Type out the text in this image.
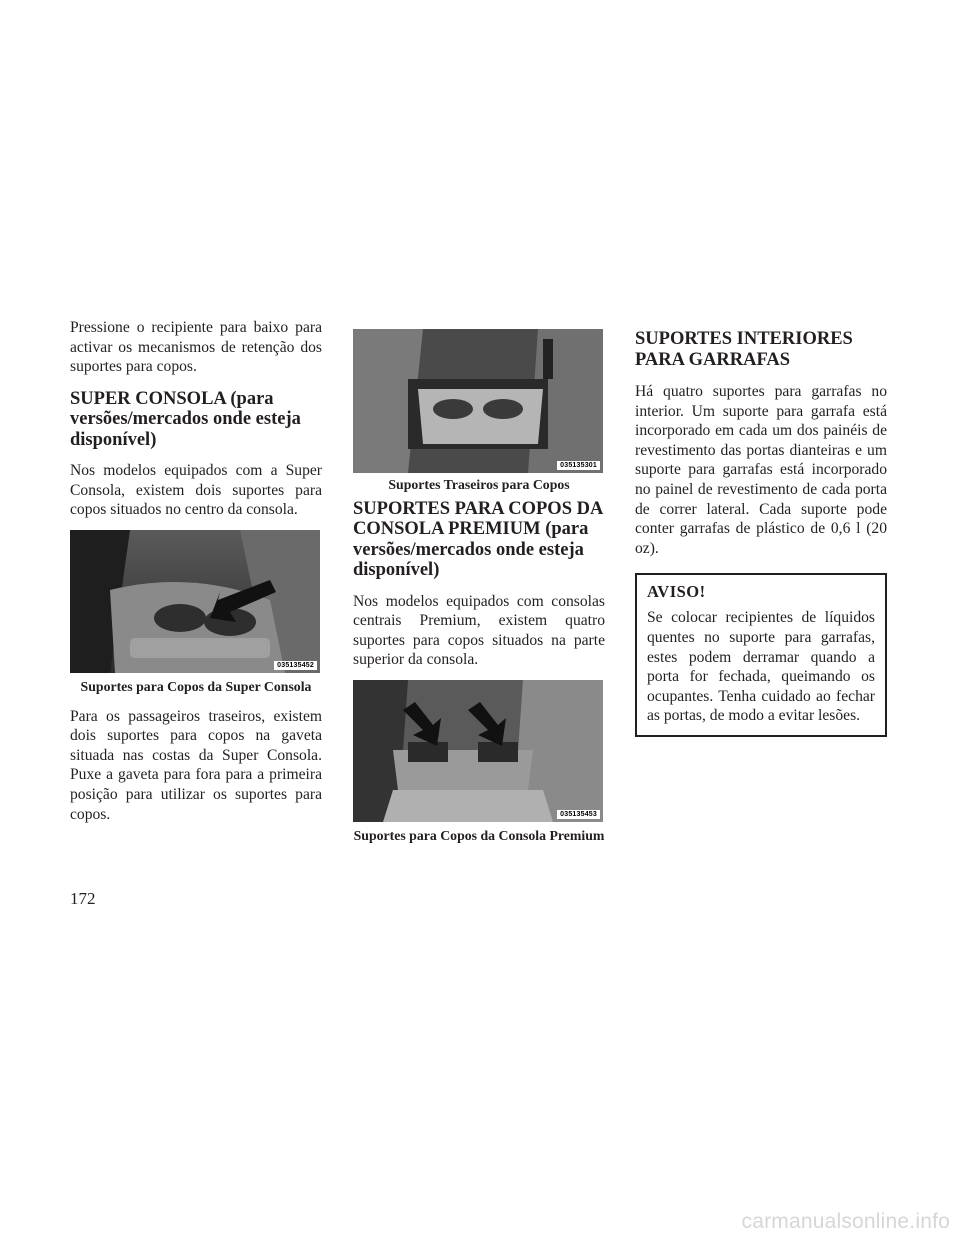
Pressione o recipiente para baixo para activar os mecanismos de retenção dos suportes para copos.

SUPER CONSOLA (para versões/mercados onde esteja disponível)

Nos modelos equipados com a Super Consola, existem dois suportes para copos situados no centro da consola.

035135452
Suportes para Copos da Super Consola

Para os passageiros traseiros, existem dois suportes para copos na gaveta situada nas costas da Super Consola. Puxe a gaveta para fora para a primeira posição para utilizar os suportes para copos.

035135301
Suportes Traseiros para Copos
SUPORTES PARA COPOS DA CONSOLA PREMIUM (para versões/mercados onde esteja disponível)

Nos modelos equipados com consolas centrais Premium, existem quatro suportes para copos situados na parte superior da consola.

035135453
Suportes para Copos da Consola Premium
SUPORTES INTERIORES PARA GARRAFAS

Há quatro suportes para garrafas no interior. Um suporte para garrafa está incorporado em cada um dos painéis de revestimento das portas dianteiras e um suporte para garrafas está incorporado no painel de revestimento de cada porta de correr lateral. Cada suporte pode conter garrafas de plástico de 0,6 l (20 oz).

AVISO!

Se colocar recipientes de líquidos quentes no suporte para garrafas, estes podem derramar quando a porta for fechada, queimando os ocupantes. Tenha cuidado ao fechar as portas, de modo a evitar lesões.

172
carmanualsonline.info
